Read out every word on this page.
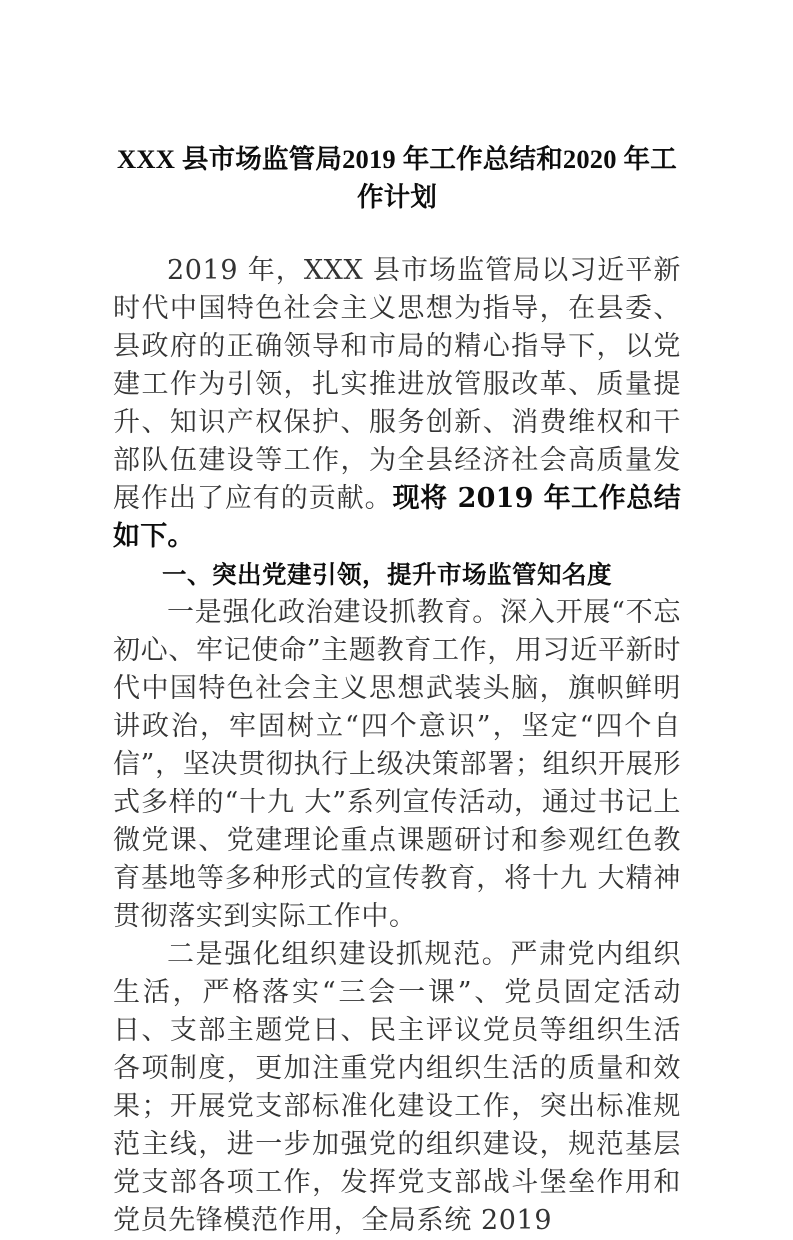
XXX 县市场监管局2019 年工作总结和2020 年工作计划

2019 年，XXX 县市场监管局以习近平新时代中国特色社会主义思想为指导，在县委、县政府的正确领导和市局的精心指导下，以党建工作为引领，扎实推进放管服改革、质量提升、知识产权保护、服务创新、消费维权和干部队伍建设等工作，为全县经济社会高质量发展作出了应有的贡献。现将 2019 年工作总结如下。

一、突出党建引领，提升市场监管知名度

一是强化政治建设抓教育。深入开展“不忘初心、牢记使命”主题教育工作，用习近平新时代中国特色社会主义思想武装头脑，旗帜鲜明讲政治，牢固树立“四个意识”，坚定“四个自信”，坚决贯彻执行上级决策部署；组织开展形式多样的“十九 大”系列宣传活动，通过书记上微党课、党建理论重点课题研讨和参观红色教育基地等多种形式的宣传教育，将十九 大精神贯彻落实到实际工作中。

二是强化组织建设抓规范。严肃党内组织生活，严格落实“三会一课”、党员固定活动日、支部主题党日、民主评议党员等组织生活各项制度，更加注重党内组织生活的质量和效果；开展党支部标准化建设工作，突出标准规范主线，进一步加强党的组织建设，规范基层党支部各项工作，发挥党支部战斗堡垒作用和党员先锋模范作用，全局系统 2019
